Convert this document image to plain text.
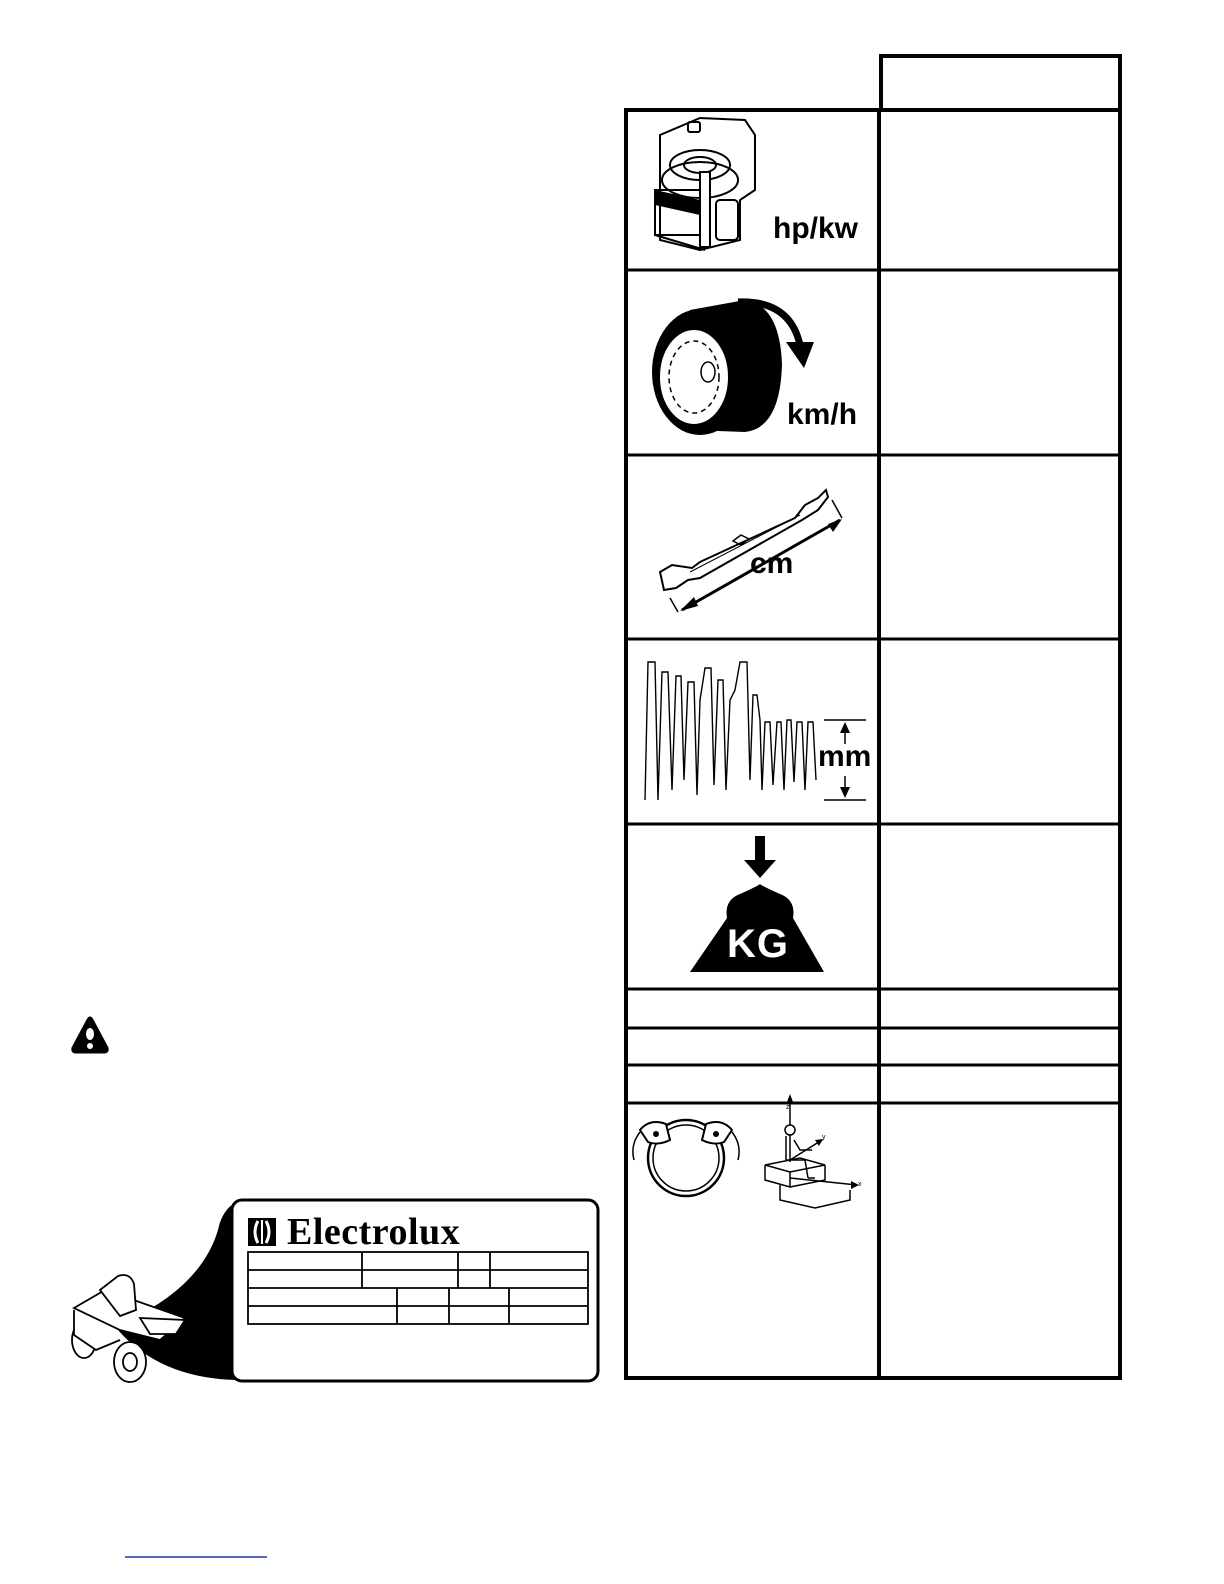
hp/kw
km/h
cm
mm
KG
z
y
x
Electrolux
